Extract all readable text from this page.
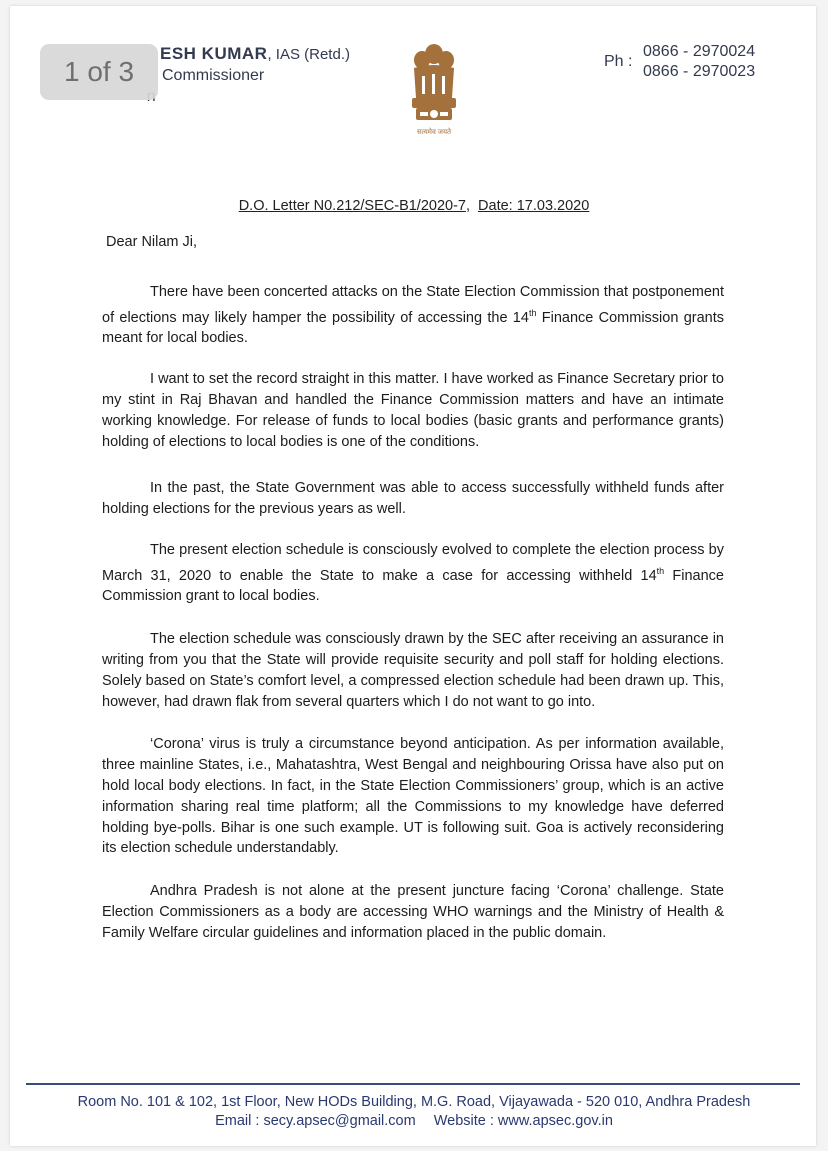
ESH KUMAR, IAS (Retd.)
Commissioner
1 of 3
सत्यमेव जयते
Ph :
0866 - 2970024
0866 - 2970023
D.O. Letter N0.212/SEC-B1/2020-7, Date: 17.03.2020
Dear Nilam Ji,

There have been concerted attacks on the State Election Commission that postponement of elections may likely hamper the possibility of accessing the 14th Finance Commission grants meant for local bodies.

I want to set the record straight in this matter. I have worked as Finance Secretary prior to my stint in Raj Bhavan and handled the Finance Commission matters and have an intimate working knowledge. For release of funds to local bodies (basic grants and performance grants) holding of elections to local bodies is one of the conditions.

In the past, the State Government was able to access successfully withheld funds after holding elections for the previous years as well.

The present election schedule is consciously evolved to complete the election process by March 31, 2020 to enable the State to make a case for accessing withheld 14th Finance Commission grant to local bodies.

The election schedule was consciously drawn by the SEC after receiving an assurance in writing from you that the State will provide requisite security and poll staff for holding elections. Solely based on State’s comfort level, a compressed election schedule had been drawn up. This, however, had drawn flak from several quarters which I do not want to go into.

‘Corona’ virus is truly a circumstance beyond anticipation. As per information available, three mainline States, i.e., Mahatashtra, West Bengal and neighbouring Orissa have also put on hold local body elections. In fact, in the State Election Commissioners’ group, which is an active information sharing real time platform; all the Commissions to my knowledge have deferred holding bye-polls. Bihar is one such example. UT is following suit. Goa is actively reconsidering its election schedule understandably.

Andhra Pradesh is not alone at the present juncture facing ‘Corona’ challenge. State Election Commissioners as a body are accessing WHO warnings and the Ministry of Health & Family Welfare circular guidelines and information placed in the public domain.

Room No. 101 & 102, 1st Floor, New HODs Building, M.G. Road, Vijayawada - 520 010, Andhra Pradesh
Email : secy.apsec@gmail.com Website : www.apsec.gov.in
